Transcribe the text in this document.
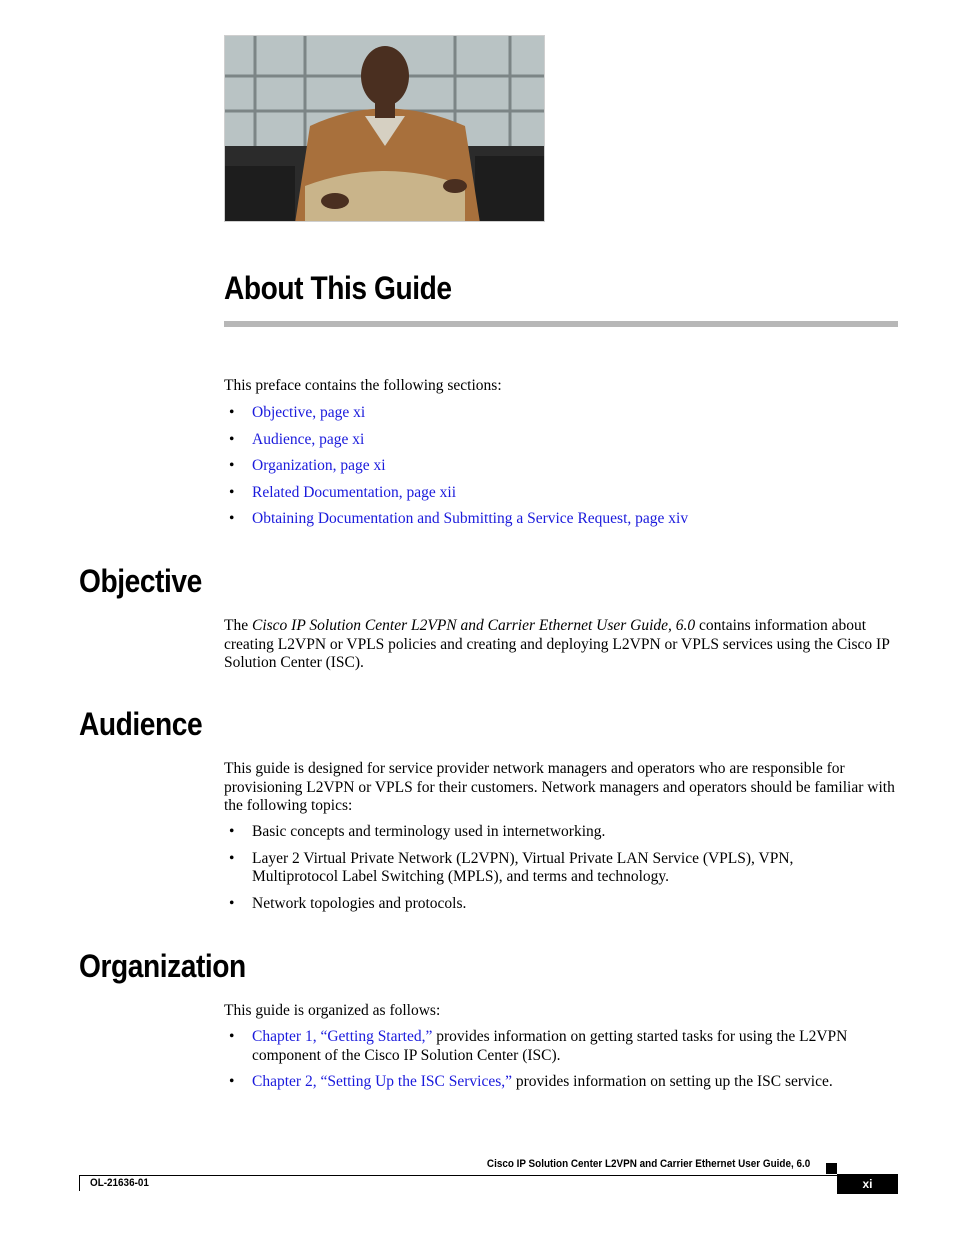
About This Guide

This preface contains the following sections:

• Objective, page xi
• Audience, page xi
• Organization, page xi
• Related Documentation, page xii
• Obtaining Documentation and Submitting a Service Request, page xiv
Objective

The Cisco IP Solution Center L2VPN and Carrier Ethernet User Guide, 6.0 contains information about creating L2VPN or VPLS policies and creating and deploying L2VPN or VPLS services using the Cisco IP Solution Center (ISC).

Audience

This guide is designed for service provider network managers and operators who are responsible for provisioning L2VPN or VPLS for their customers. Network managers and operators should be familiar with the following topics:

• Basic concepts and terminology used in internetworking.
• Layer 2 Virtual Private Network (L2VPN), Virtual Private LAN Service (VPLS), VPN, Multiprotocol Label Switching (MPLS), and terms and technology.
• Network topologies and protocols.
Organization

This guide is organized as follows:

• Chapter 1, “Getting Started,” provides information on getting started tasks for using the L2VPN component of the Cisco IP Solution Center (ISC).
• Chapter 2, “Setting Up the ISC Services,” provides information on setting up the ISC service.
Cisco IP Solution Center L2VPN and Carrier Ethernet User Guide, 6.0
OL-21636-01	xi
